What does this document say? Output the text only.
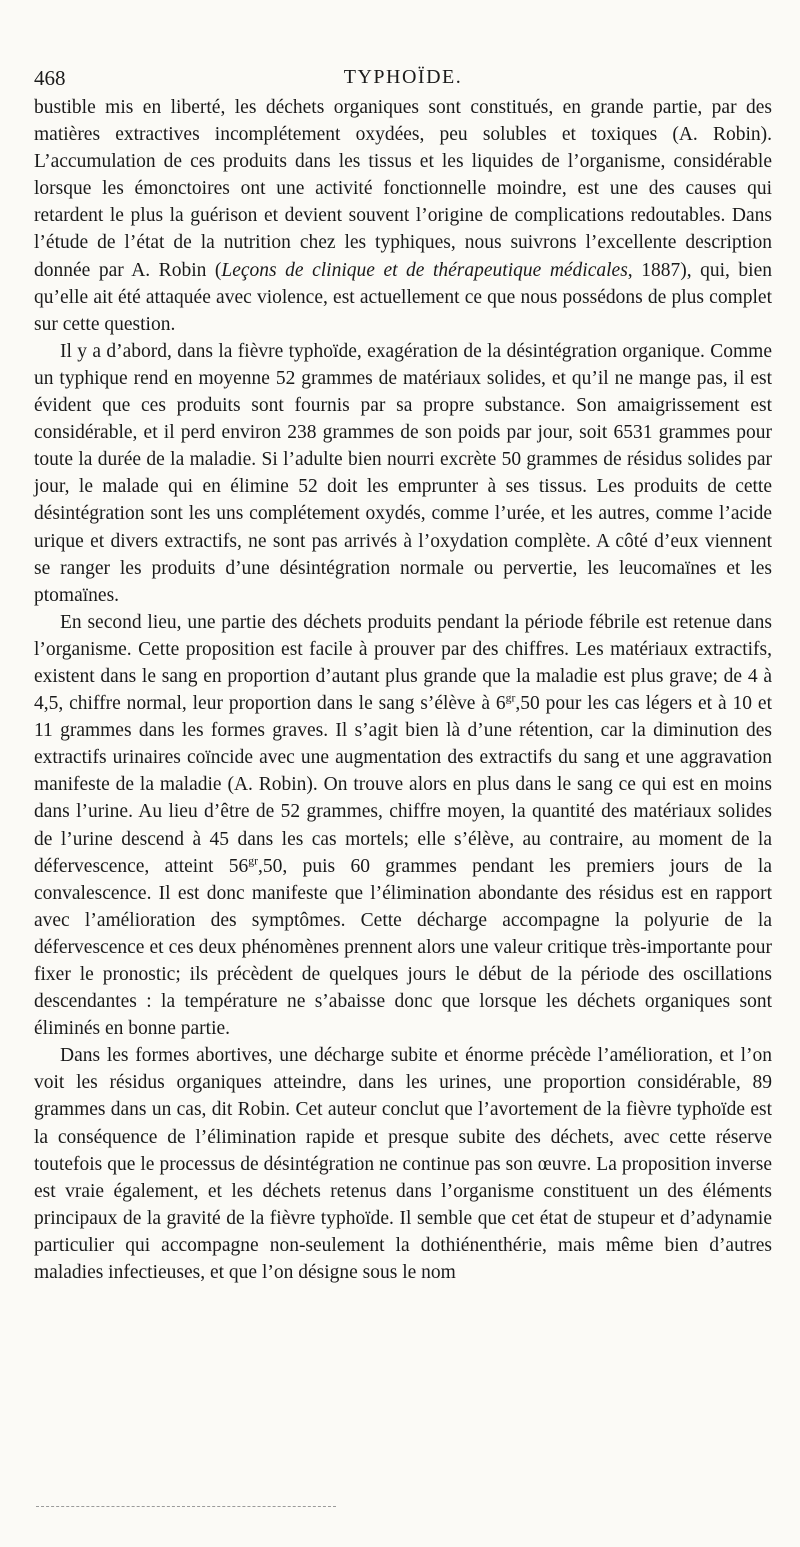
468	TYPHOÏDE.

bustible mis en liberté, les déchets organiques sont constitués, en grande partie, par des matières extractives incomplétement oxydées, peu solubles et toxiques (A. Robin). L’accumulation de ces produits dans les tissus et les liquides de l’organisme, considérable lorsque les émonctoires ont une activité fonctionnelle moindre, est une des causes qui retardent le plus la guérison et devient souvent l’origine de complications redoutables. Dans l’étude de l’état de la nutrition chez les typhiques, nous suivrons l’excellente description donnée par A. Robin (Leçons de clinique et de thérapeutique médicales, 1887), qui, bien qu’elle ait été attaquée avec violence, est actuellement ce que nous possédons de plus complet sur cette question.

Il y a d’abord, dans la fièvre typhoïde, exagération de la désintégration organique. Comme un typhique rend en moyenne 52 grammes de matériaux solides, et qu’il ne mange pas, il est évident que ces produits sont fournis par sa propre substance. Son amaigrissement est considérable, et il perd environ 238 grammes de son poids par jour, soit 6531 grammes pour toute la durée de la maladie. Si l’adulte bien nourri excrète 50 grammes de résidus solides par jour, le malade qui en élimine 52 doit les emprunter à ses tissus. Les produits de cette désintégration sont les uns complétement oxydés, comme l’urée, et les autres, comme l’acide urique et divers extractifs, ne sont pas arrivés à l’oxydation complète. A côté d’eux viennent se ranger les produits d’une désintégration normale ou pervertie, les leucomaïnes et les ptomaïnes.

En second lieu, une partie des déchets produits pendant la période fébrile est retenue dans l’organisme. Cette proposition est facile à prouver par des chiffres. Les matériaux extractifs, existent dans le sang en proportion d’autant plus grande que la maladie est plus grave; de 4 à 4,5, chiffre normal, leur proportion dans le sang s’élève à $6^{gr},50$ pour les cas légers et à 10 et 11 grammes dans les formes graves. Il s’agit bien là d’une rétention, car la diminution des extractifs urinaires coïncide avec une augmentation des extractifs du sang et une aggravation manifeste de la maladie (A. Robin). On trouve alors en plus dans le sang ce qui est en moins dans l’urine. Au lieu d’être de 52 grammes, chiffre moyen, la quantité des matériaux solides de l’urine descend à 45 dans les cas mortels; elle s’élève, au contraire, au moment de la défervescence, atteint $56^{gr},50$, puis 60 grammes pendant les premiers jours de la convalescence. Il est donc manifeste que l’élimination abondante des résidus est en rapport avec l’amélioration des symptômes. Cette décharge accompagne la polyurie de la défervescence et ces deux phénomènes prennent alors une valeur critique très-importante pour fixer le pronostic; ils précèdent de quelques jours le début de la période des oscillations descendantes : la température ne s’abaisse donc que lorsque les déchets organiques sont éliminés en bonne partie.

Dans les formes abortives, une décharge subite et énorme précède l’amélioration, et l’on voit les résidus organiques atteindre, dans les urines, une proportion considérable, 89 grammes dans un cas, dit Robin. Cet auteur conclut que l’avortement de la fièvre typhoïde est la conséquence de l’élimination rapide et presque subite des déchets, avec cette réserve toutefois que le processus de désintégration ne continue pas son œuvre. La proposition inverse est vraie également, et les déchets retenus dans l’organisme constituent un des éléments principaux de la gravité de la fièvre typhoïde. Il semble que cet état de stupeur et d’adynamie particulier qui accompagne non-seulement la dothiénenthérie, mais même bien d’autres maladies infectieuses, et que l’on désigne sous le nom
